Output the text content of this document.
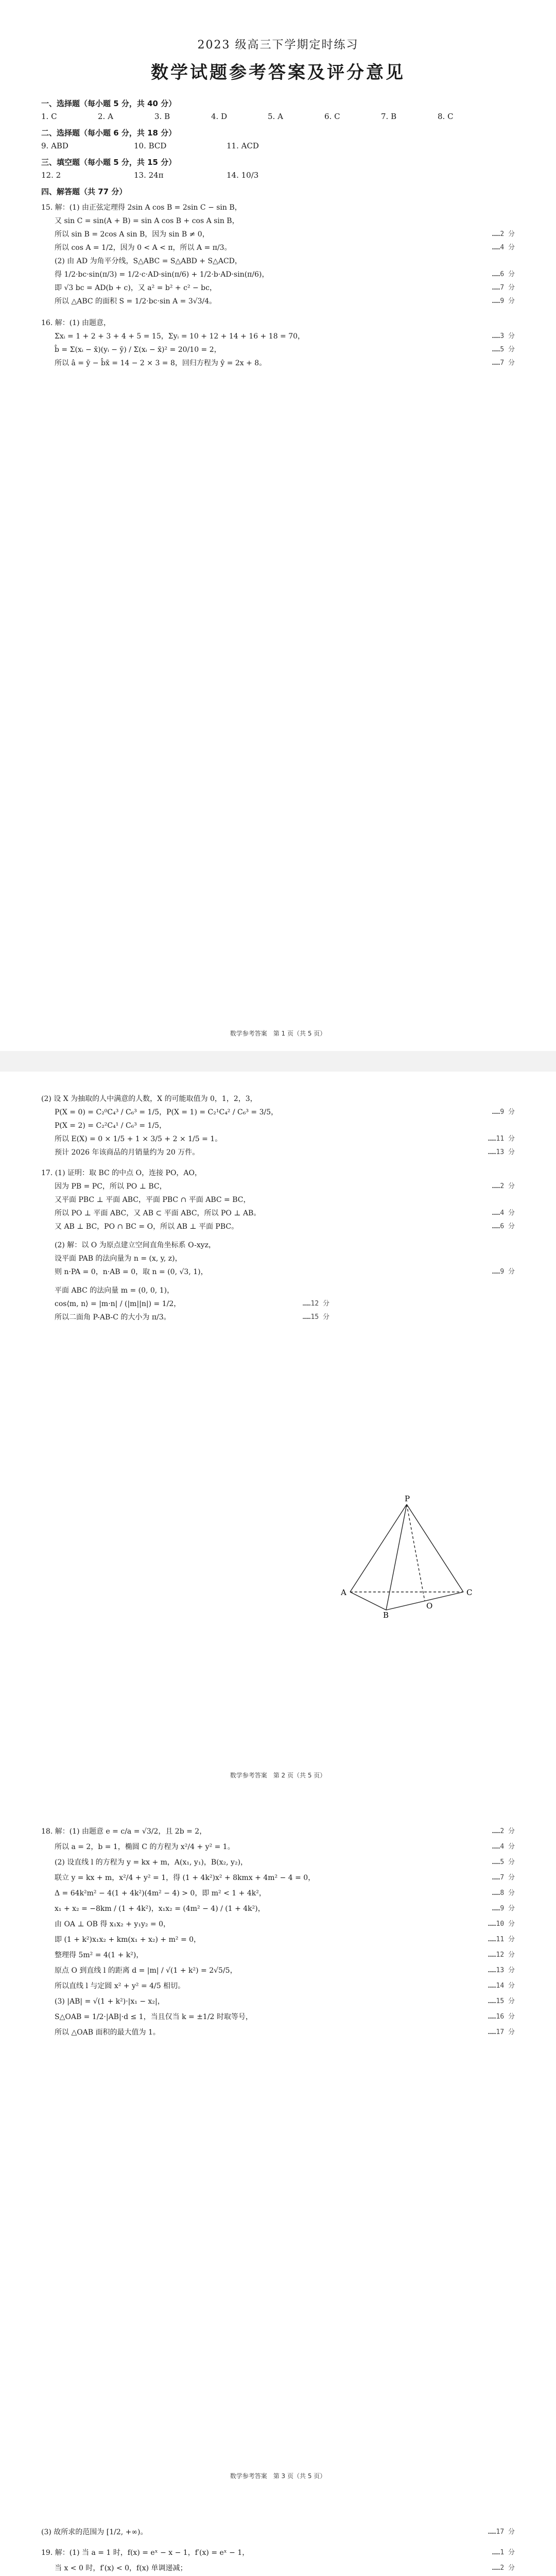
2023 级高三下学期定时练习
数学试题参考答案及评分意见
一、选择题（每小题 5 分，共 40 分）
1. C	2. A	3. B	4. D	5. A	6. C	7. B	8. C
二、选择题（每小题 6 分，共 18 分）
9. ABD	10. BCD	11. ACD
三、填空题（每小题 5 分，共 15 分）
12. 2	13. 24π	14. 10/3
四、解答题（共 77 分）
15. 解：(1) 由正弦定理得 2sin A cos B = 2sin C − sin B，
又 sin C = sin(A + B) = sin A cos B + cos A sin B，
所以 sin B = 2cos A sin B，因为 sin B ≠ 0，	……2 分
所以 cos A = 1/2，因为 0 < A < π，所以 A = π/3。	……4 分
(2) 由 AD 为角平分线，S△ABC = S△ABD + S△ACD，
得 1/2·bc·sin(π/3) = 1/2·c·AD·sin(π/6) + 1/2·b·AD·sin(π/6)，	……6 分
即 √3 bc = AD(b + c)，又 a² = b² + c² − bc，	……7 分
所以 △ABC 的面积 S = 1/2·bc·sin A = 3√3/4。	……9 分
16. 解：(1) 由题意，
Σxᵢ = 1 + 2 + 3 + 4 + 5 = 15，Σyᵢ = 10 + 12 + 14 + 16 + 18 = 70，	……3 分
b̂ = Σ(xᵢ − x̄)(yᵢ − ȳ) / Σ(xᵢ − x̄)² = 20/10 = 2，	……5 分
所以 â = ȳ − b̂x̄ = 14 − 2 × 3 = 8，回归方程为 ŷ = 2x + 8。	……7 分
数学参考答案　第 1 页（共 5 页）
(2) 设 X 为抽取的人中满意的人数，X 的可能取值为 0，1，2，3，
P(X = 0) = C₂⁰C₄³ / C₆³ = 1/5，P(X = 1) = C₂¹C₄² / C₆³ = 3/5，	……9 分
P(X = 2) = C₂²C₄¹ / C₆³ = 1/5，
所以 E(X) = 0 × 1/5 + 1 × 3/5 + 2 × 1/5 = 1。	……11 分
预计 2026 年该商品的月销量约为 20 万件。	……13 分
17. (1) 证明：取 BC 的中点 O，连接 PO，AO，
因为 PB = PC，所以 PO ⊥ BC，	……2 分
又平面 PBC ⊥ 平面 ABC，平面 PBC ∩ 平面 ABC = BC，
所以 PO ⊥ 平面 ABC，又 AB ⊂ 平面 ABC，所以 PO ⊥ AB。	……4 分
又 AB ⊥ BC，PO ∩ BC = O，所以 AB ⊥ 平面 PBC。	……6 分
(2) 解：以 O 为原点建立空间直角坐标系 O-xyz，
设平面 PAB 的法向量为 n = (x, y, z)，
则 n·PA = 0，n·AB = 0，取 n = (0, √3, 1)，	……9 分
P
A
B
C
O
平面 ABC 的法向量 m = (0, 0, 1)，
cos⟨m, n⟩ = |m·n| / (|m||n|) = 1/2，	……12 分
所以二面角 P-AB-C 的大小为 π/3。	……15 分
数学参考答案　第 2 页（共 5 页）
18. 解：(1) 由题意 e = c/a = √3/2，且 2b = 2，	……2 分
所以 a = 2，b = 1，椭圆 C 的方程为 x²/4 + y² = 1。	……4 分
(2) 设直线 l 的方程为 y = kx + m，A(x₁, y₁)，B(x₂, y₂)，	……5 分
联立 y = kx + m，x²/4 + y² = 1，得 (1 + 4k²)x² + 8kmx + 4m² − 4 = 0，	……7 分
Δ = 64k²m² − 4(1 + 4k²)(4m² − 4) > 0，即 m² < 1 + 4k²，	……8 分
x₁ + x₂ = −8km / (1 + 4k²)，x₁x₂ = (4m² − 4) / (1 + 4k²)，	……9 分
由 OA ⊥ OB 得 x₁x₂ + y₁y₂ = 0，	……10 分
即 (1 + k²)x₁x₂ + km(x₁ + x₂) + m² = 0，	……11 分
整理得 5m² = 4(1 + k²)，	……12 分
原点 O 到直线 l 的距离 d = |m| / √(1 + k²) = 2√5/5，	……13 分
所以直线 l 与定圆 x² + y² = 4/5 相切。	……14 分
(3) |AB| = √(1 + k²)·|x₁ − x₂|，	……15 分
S△OAB = 1/2·|AB|·d ≤ 1，当且仅当 k = ±1/2 时取等号，	……16 分
所以 △OAB 面积的最大值为 1。	……17 分
数学参考答案　第 3 页（共 5 页）
(3) 故所求的范围为 [1/2, +∞)。	……17 分
19. 解：(1) 当 a = 1 时，f(x) = eˣ − x − 1，f′(x) = eˣ − 1，	……1 分
当 x < 0 时，f′(x) < 0，f(x) 单调递减；	……2 分
